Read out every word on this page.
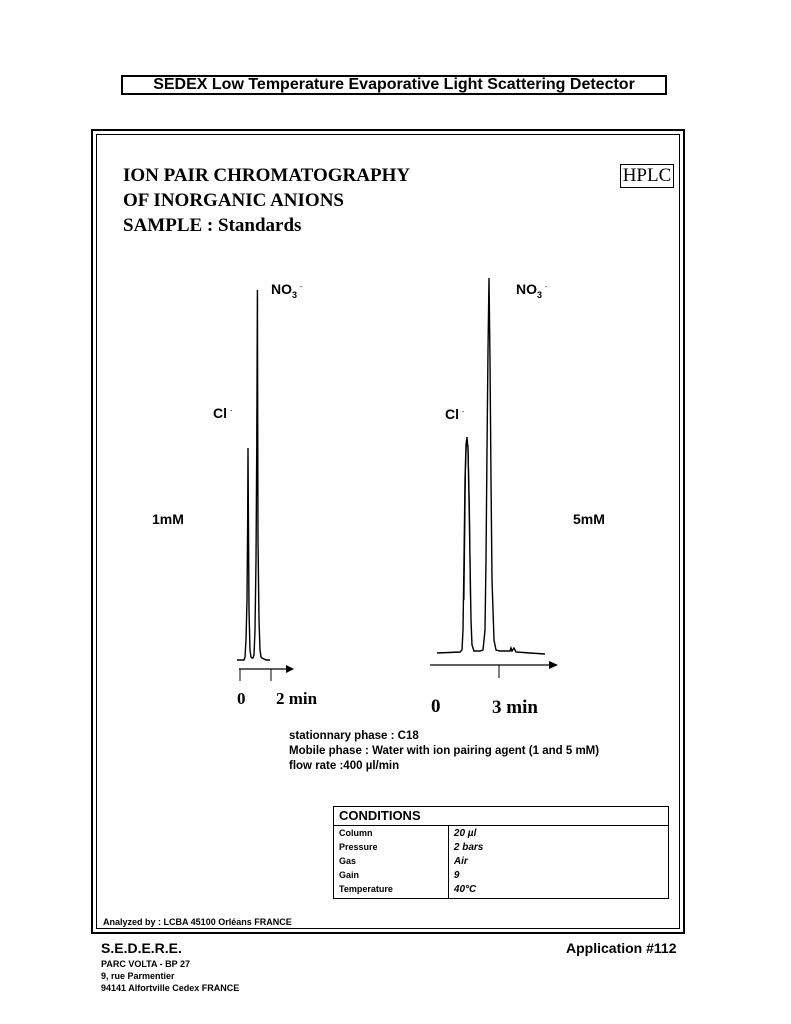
SEDEX Low Temperature Evaporative Light Scattering Detector
ION PAIR CHROMATOGRAPHY
OF INORGANIC ANIONS
SAMPLE : Standards
HPLC
0 2 min
Cl -
$NO_3^-$
1mM
0	3 min
Cl -
$NO_3^-$
5mM
stationnary phase : C18
Mobile phase : Water with ion pairing agent (1 and 5 mM)
flow rate :400 µl/min
CONDITIONS	
Column	20 µl
Pressure	2 bars
Gas	Air
Gain	9
Temperature	40°C
Analyzed by : LCBA 45100 Orléans FRANCE
S.E.D.E.R.E.
PARC VOLTA - BP 27
9, rue Parmentier
94141 Alfortville Cedex FRANCE
Application #112
